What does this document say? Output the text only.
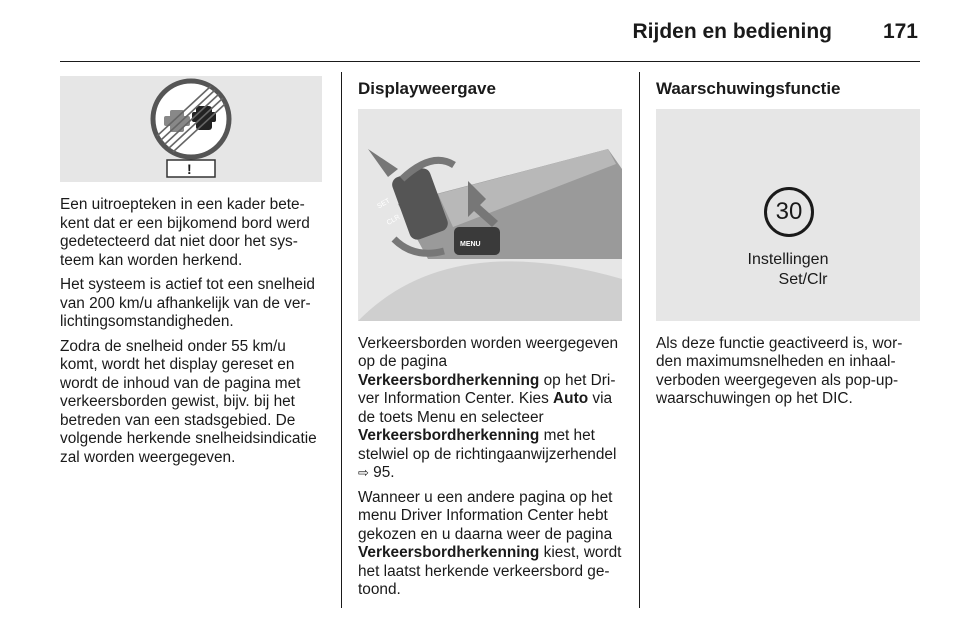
Rijden en bediening 171
!

Een uitroepteken in een kader betekent dat er een bijkomend bord werd gedetecteerd dat niet door het systeem kan worden herkend.

Het systeem is actief tot een snelheid van 200 km/u afhankelijk van de verlichtingsomstandigheden.

Zodra de snelheid onder 55 km/u komt, wordt het display gereset en wordt de inhoud van de pagina met verkeersborden gewist, bijv. bij het betreden van een stadsgebied. De volgende herkende snelheidsindicatie zal worden weergegeven.

Displayweergave
SET
CLR
MENU

Verkeersborden worden weergegeven op de pagina
Verkeersbordherkenning op het Driver Information Center. Kies Auto via de toets Menu en selecteer
Verkeersbordherkenning met het stelwiel op de richtingaanwijzerhendel ⇨ 95.

Wanneer u een andere pagina op het menu Driver Information Center hebt gekozen en u daarna weer de pagina Verkeersbordherkenning kiest, wordt het laatst herkende verkeersbord getoond.

Waarschuwingsfunctie
30
Instellingen
Set/Clr

Als deze functie geactiveerd is, worden maximumsnelheden en inhaalverboden weergegeven als pop-up-waarschuwingen op het DIC.
